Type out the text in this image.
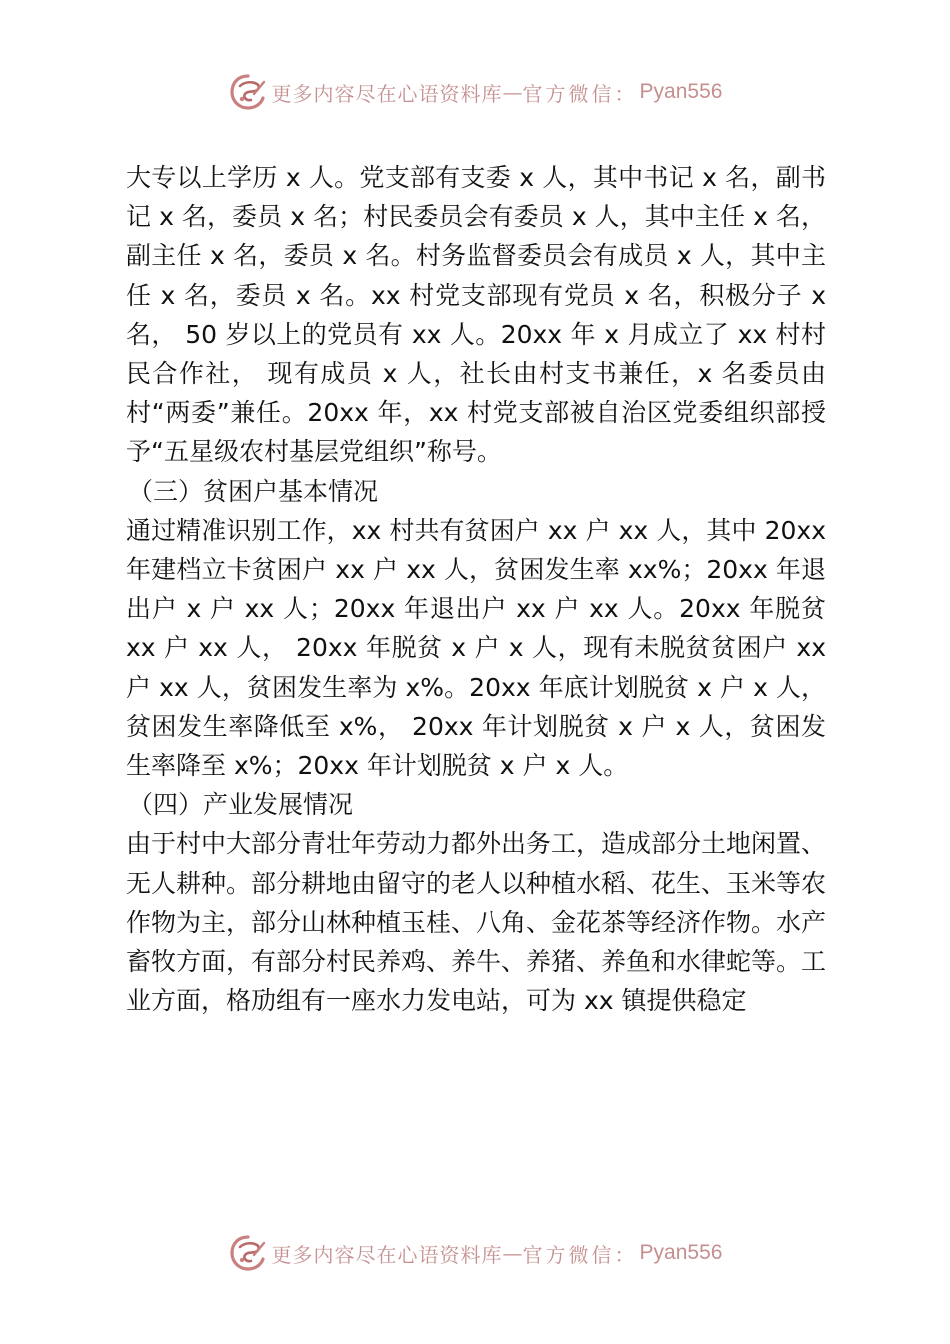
更多内容尽在心语资料库 — 官方微信： Pyan556

大专以上学历 x 人。党支部有支委 x 人，其中书记 x 名，副书记 x 名，委员 x 名；村民委员会有委员 x 人，其中主任 x 名，副主任 x 名，委员 x 名。村务监督委员会有成员 x 人，其中主任 x 名，委员 x 名。xx 村党支部现有党员 x 名，积极分子 x 名， 50 岁以上的党员有 xx 人。20xx 年 x 月成立了 xx 村村民合作社， 现有成员 x 人，社长由村支书兼任，x 名委员由村“两委”兼任。20xx 年，xx 村党支部被自治区党委组织部授予“五星级农村基层党组织”称号。

（三）贫困户基本情况

通过精准识别工作，xx 村共有贫困户 xx 户 xx 人，其中 20xx 年建档立卡贫困户 xx 户 xx 人，贫困发生率 xx%；20xx 年退出户 x 户 xx 人；20xx 年退出户 xx 户 xx 人。20xx 年脱贫 xx 户 xx 人， 20xx 年脱贫 x 户 x 人，现有未脱贫贫困户 xx 户 xx 人，贫困发生率为 x%。20xx 年底计划脱贫 x 户 x 人，贫困发生率降低至 x%， 20xx 年计划脱贫 x 户 x 人，贫困发生率降至 x%；20xx 年计划脱贫 x 户 x 人。

（四）产业发展情况

由于村中大部分青壮年劳动力都外出务工，造成部分土地闲置、 无人耕种。部分耕地由留守的老人以种植水稻、花生、玉米等农作物为主，部分山林种植玉桂、八角、金花茶等经济作物。水产畜牧方面，有部分村民养鸡、养牛、养猪、养鱼和水律蛇等。工业方面，格劢组有一座水力发电站，可为 xx 镇提供稳定

更多内容尽在心语资料库 — 官方微信： Pyan556
